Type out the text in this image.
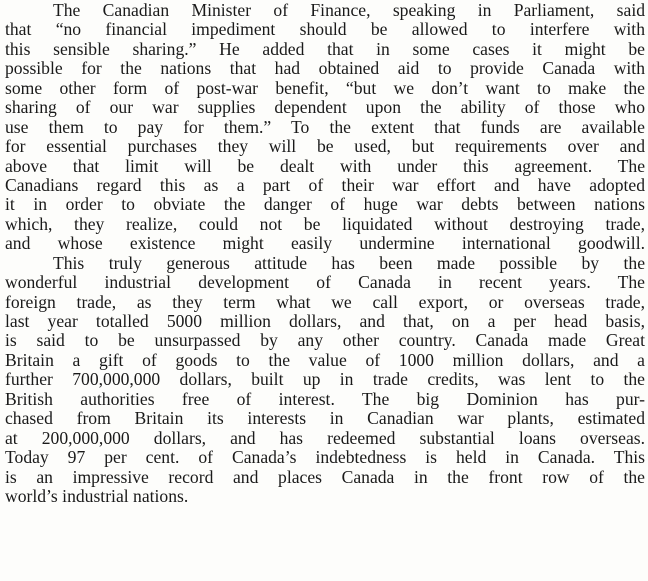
The Canadian Minister of Finance, speaking in Parliament, said
that “no financial impediment should be allowed to interfere with
this sensible sharing.” He added that in some cases it might be
possible for the nations that had obtained aid to provide Canada with
some other form of post-war benefit, “but we don’t want to make the
sharing of our war supplies dependent upon the ability of those who
use them to pay for them.” To the extent that funds are available
for essential purchases they will be used, but requirements over and
above that limit will be dealt with under this agreement. The
Canadians regard this as a part of their war effort and have adopted
it in order to obviate the danger of huge war debts between nations
which, they realize, could not be liquidated without destroying trade,
and whose existence might easily undermine international goodwill.
This truly generous attitude has been made possible by the
wonderful industrial development of Canada in recent years. The
foreign trade, as they term what we call export, or overseas trade,
last year totalled 5000 million dollars, and that, on a per head basis,
is said to be unsurpassed by any other country. Canada made Great
Britain a gift of goods to the value of 1000 million dollars, and a
further 700,000,000 dollars, built up in trade credits, was lent to the
British authorities free of interest. The big Dominion has pur-
chased from Britain its interests in Canadian war plants, estimated
at 200,000,000 dollars, and has redeemed substantial loans overseas.
Today 97 per cent. of Canada’s indebtedness is held in Canada. This
is an impressive record and places Canada in the front row of the
world’s industrial nations.
